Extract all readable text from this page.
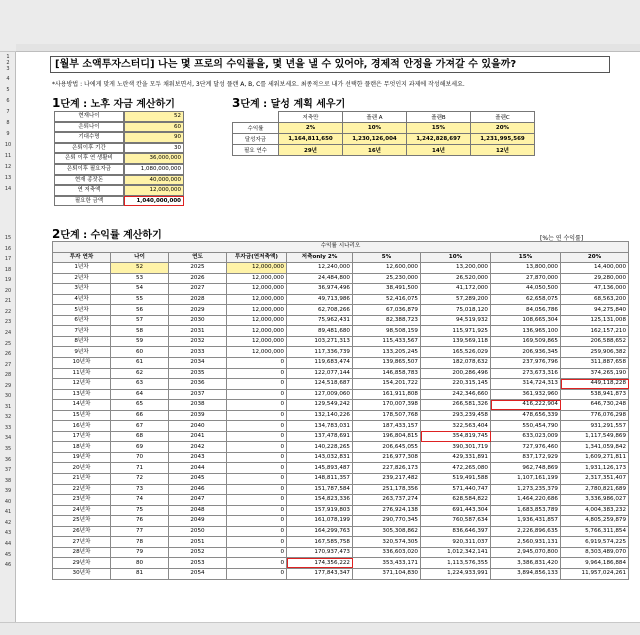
1
2
3
4
5
6
7
8
9
10
11
12
13
14
15
16
17
18
19
20
21
22
23
24
25
26
27
28
29
30
31
32
33
34
35
36
37
38
39
40
41
42
43
44
45
46
[월부 소액투자스터디] 나는 몇 프로의 수익률을, 몇 년을 낼 수 있어야, 경제적 안정을 가져갈 수 있을까?
*사용방법 : 나에게 맞게 노란색 칸을 모두 채워보면서, 3단계 달성 플랜 A, B, C를 세워보세요. 최종적으로 내가 선택한 플랜은 무엇인지 과제에 작성해보세요.
1단계 : 노후 자금 계산하기
현재나이	52
은퇴나이	60
기대수명	90
은퇴이후 기간	30
은퇴 이후 연 생활비	36,000,000
은퇴이후 필요자금	1,080,000,000
현재 종잣돈	40,000,000
연 저축액	12,000,000
필요한 금액	1,040,000,000
3단계 : 달성 계획 세우기
	저축만	플랜 A	플랜B	플랜C
수익률	2%	10%	15%	20%
달성자금	1,164,811,650	1,230,126,004	1,242,828,697	1,231,995,569
필요 연수	29년	16년	14년	12년
2단계 : 수익률 계산하기	[%는 연 수익률]
수익률 시나리오								
투자 연차	나이	연도	투자금(연저축액)	저축only 2%	5%	10%	15%	20%
1년차	52	2025	12,000,000	12,240,000	12,600,000	13,200,000	13,800,000	14,400,000
2년차	53	2026	12,000,000	24,484,800	25,230,000	26,520,000	27,870,000	29,280,000
3년차	54	2027	12,000,000	36,974,496	38,491,500	41,172,000	44,050,500	47,136,000
4년차	55	2028	12,000,000	49,713,986	52,416,075	57,289,200	62,658,075	68,563,200
5년차	56	2029	12,000,000	62,708,266	67,036,879	75,018,120	84,056,786	94,275,840
6년차	57	2030	12,000,000	75,962,431	82,388,723	94,519,932	108,665,304	125,131,008
7년차	58	2031	12,000,000	89,481,680	98,508,159	115,971,925	136,965,100	162,157,210
8년차	59	2032	12,000,000	103,271,313	115,433,567	139,569,118	169,509,865	206,588,652
9년차	60	2033	12,000,000	117,336,739	133,205,245	165,526,029	206,936,345	259,906,382
10년차	61	2034	0	119,683,474	139,865,507	182,078,632	237,976,796	311,887,658
11년차	62	2035	0	122,077,144	146,858,783	200,286,496	273,673,316	374,265,190
12년차	63	2036	0	124,518,687	154,201,722	220,315,145	314,724,313	449,118,228
13년차	64	2037	0	127,009,060	161,911,808	242,346,660	361,932,960	538,941,873
14년차	65	2038	0	129,549,242	170,007,398	266,581,326	416,222,904	646,730,248
15년차	66	2039	0	132,140,226	178,507,768	293,239,458	478,656,339	776,076,298
16년차	67	2040	0	134,783,031	187,433,157	322,563,404	550,454,790	931,291,557
17년차	68	2041	0	137,478,691	196,804,815	354,819,745	633,023,009	1,117,549,869
18년차	69	2042	0	140,228,265	206,645,055	390,301,719	727,976,460	1,341,059,842
19년차	70	2043	0	143,032,831	216,977,308	429,331,891	837,172,929	1,609,271,811
20년차	71	2044	0	145,893,487	227,826,173	472,265,080	962,748,869	1,931,126,173
21년차	72	2045	0	148,811,357	239,217,482	519,491,588	1,107,161,199	2,317,351,407
22년차	73	2046	0	151,787,584	251,178,356	571,440,747	1,273,235,379	2,780,821,689
23년차	74	2047	0	154,823,336	263,737,274	628,584,822	1,464,220,686	3,336,986,027
24년차	75	2048	0	157,919,803	276,924,138	691,443,304	1,683,853,789	4,004,383,232
25년차	76	2049	0	161,078,199	290,770,345	760,587,634	1,936,431,857	4,805,259,879
26년차	77	2050	0	164,299,763	305,308,862	836,646,397	2,226,896,635	5,766,311,854
27년차	78	2051	0	167,585,758	320,574,305	920,311,037	2,560,931,131	6,919,574,225
28년차	79	2052	0	170,937,473	336,603,020	1,012,342,141	2,945,070,800	8,303,489,070
29년차	80	2053	0	174,356,222	353,433,171	1,113,576,355	3,386,831,420	9,964,186,884
30년차	81	2054	0	177,843,347	371,104,830	1,224,933,991	3,894,856,133	11,957,024,261
